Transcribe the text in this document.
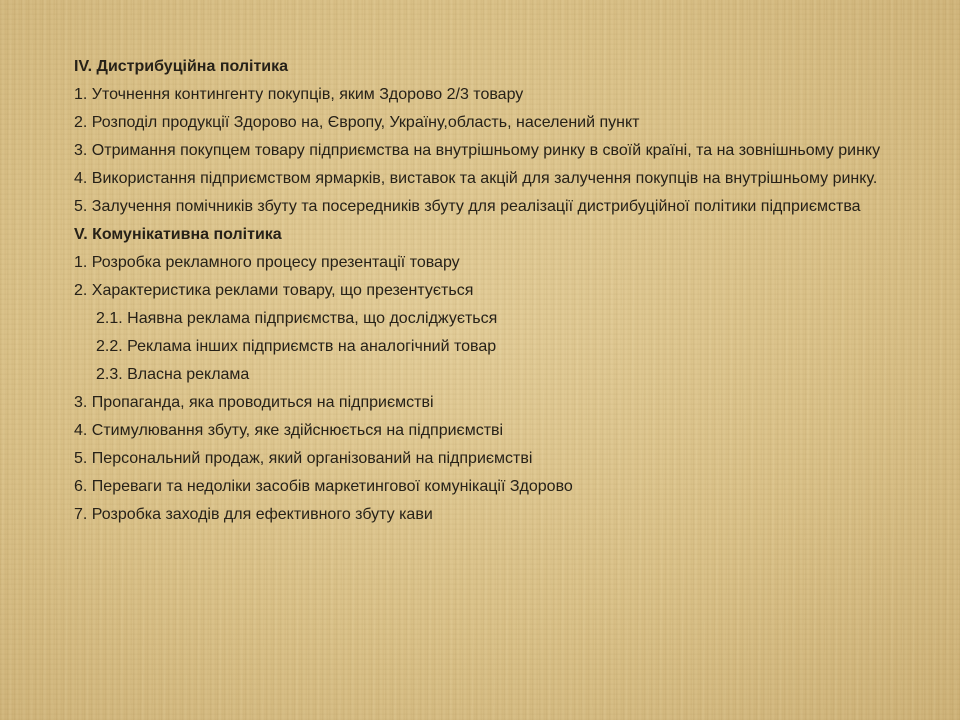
IV. Дистрибуційна політика

1. Уточнення контингенту покупців, яким Здорово 2/3 товару

2. Розподіл продукції Здорово на, Європу, Україну,область, населений пункт

3. Отримання покупцем товару підприємства на внутрішньому ринку в своїй країні, та на зовнішньому ринку

4. Використання підприємством ярмарків, виставок та акцій для залучення покупців на внутрішньому ринку.

5. Залучення помічників збуту та посередників збуту для реалізації дистрибуційної політики підприємства

V. Комунікативна політика

1. Розробка рекламного процесу презентації товару

2. Характеристика реклами товару, що презентується

2.1. Наявна реклама підприємства, що досліджується

2.2. Реклама інших підприємств на аналогічний товар

2.3. Власна реклама

3. Пропаганда, яка проводиться на підприємстві

4. Стимулювання збуту, яке здійснюється на підприємстві

5. Персональний продаж, який організований на підприємстві

6. Переваги та недоліки засобів маркетингової комунікації Здорово

7. Розробка заходів для ефективного збуту кави
